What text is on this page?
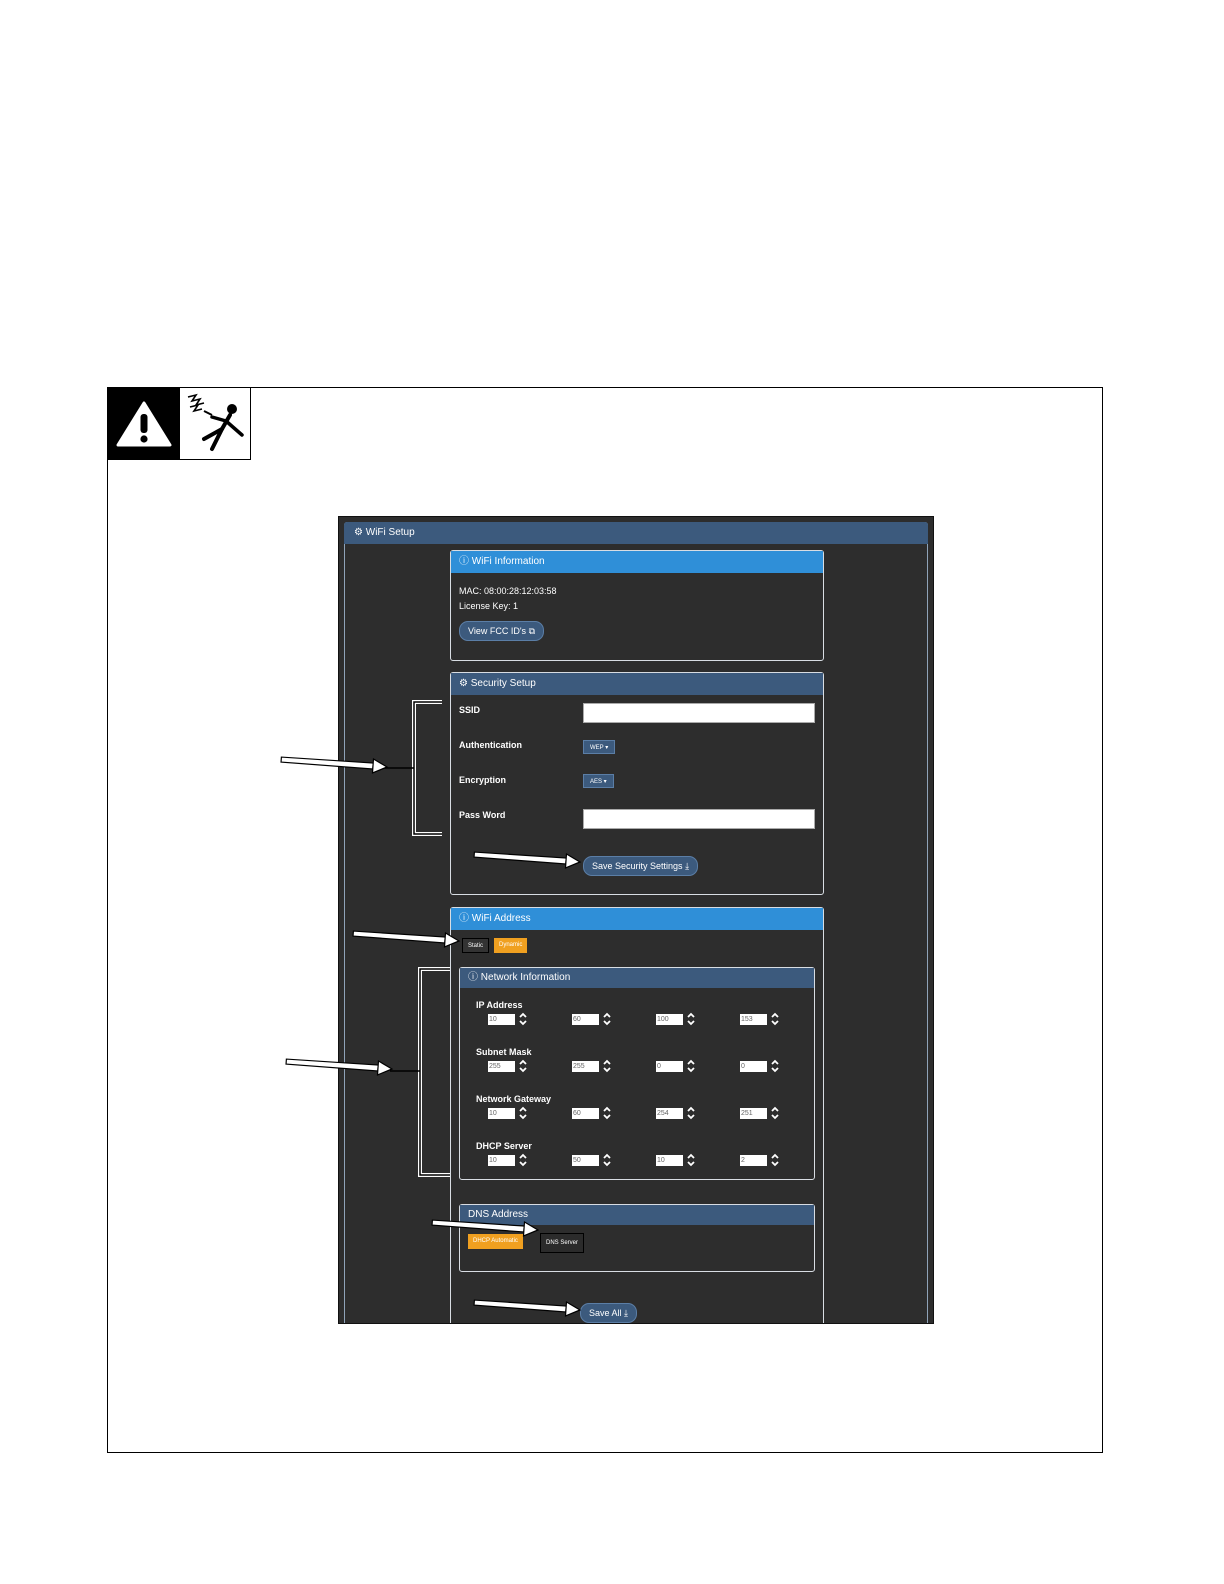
⚙ WiFi Setup
ⓘ WiFi Information
MAC: 08:00:28:12:03:58
License Key: 1
View FCC ID's ⧉
⚙ Security Setup
SSID
Authentication	WEP ▾
Encryption	AES ▾
Pass Word
Save Security Settings ⤓
ⓘ WiFi Address
Static	Dynamic
ⓘ Network Information
IP Address
10	60	100	153
Subnet Mask
255	255	0	0
Network Gateway
10	60	254	251
DHCP Server
10	50	10	2
DNS Address
DHCP Automatic	DNS Server
Save All ⤓
